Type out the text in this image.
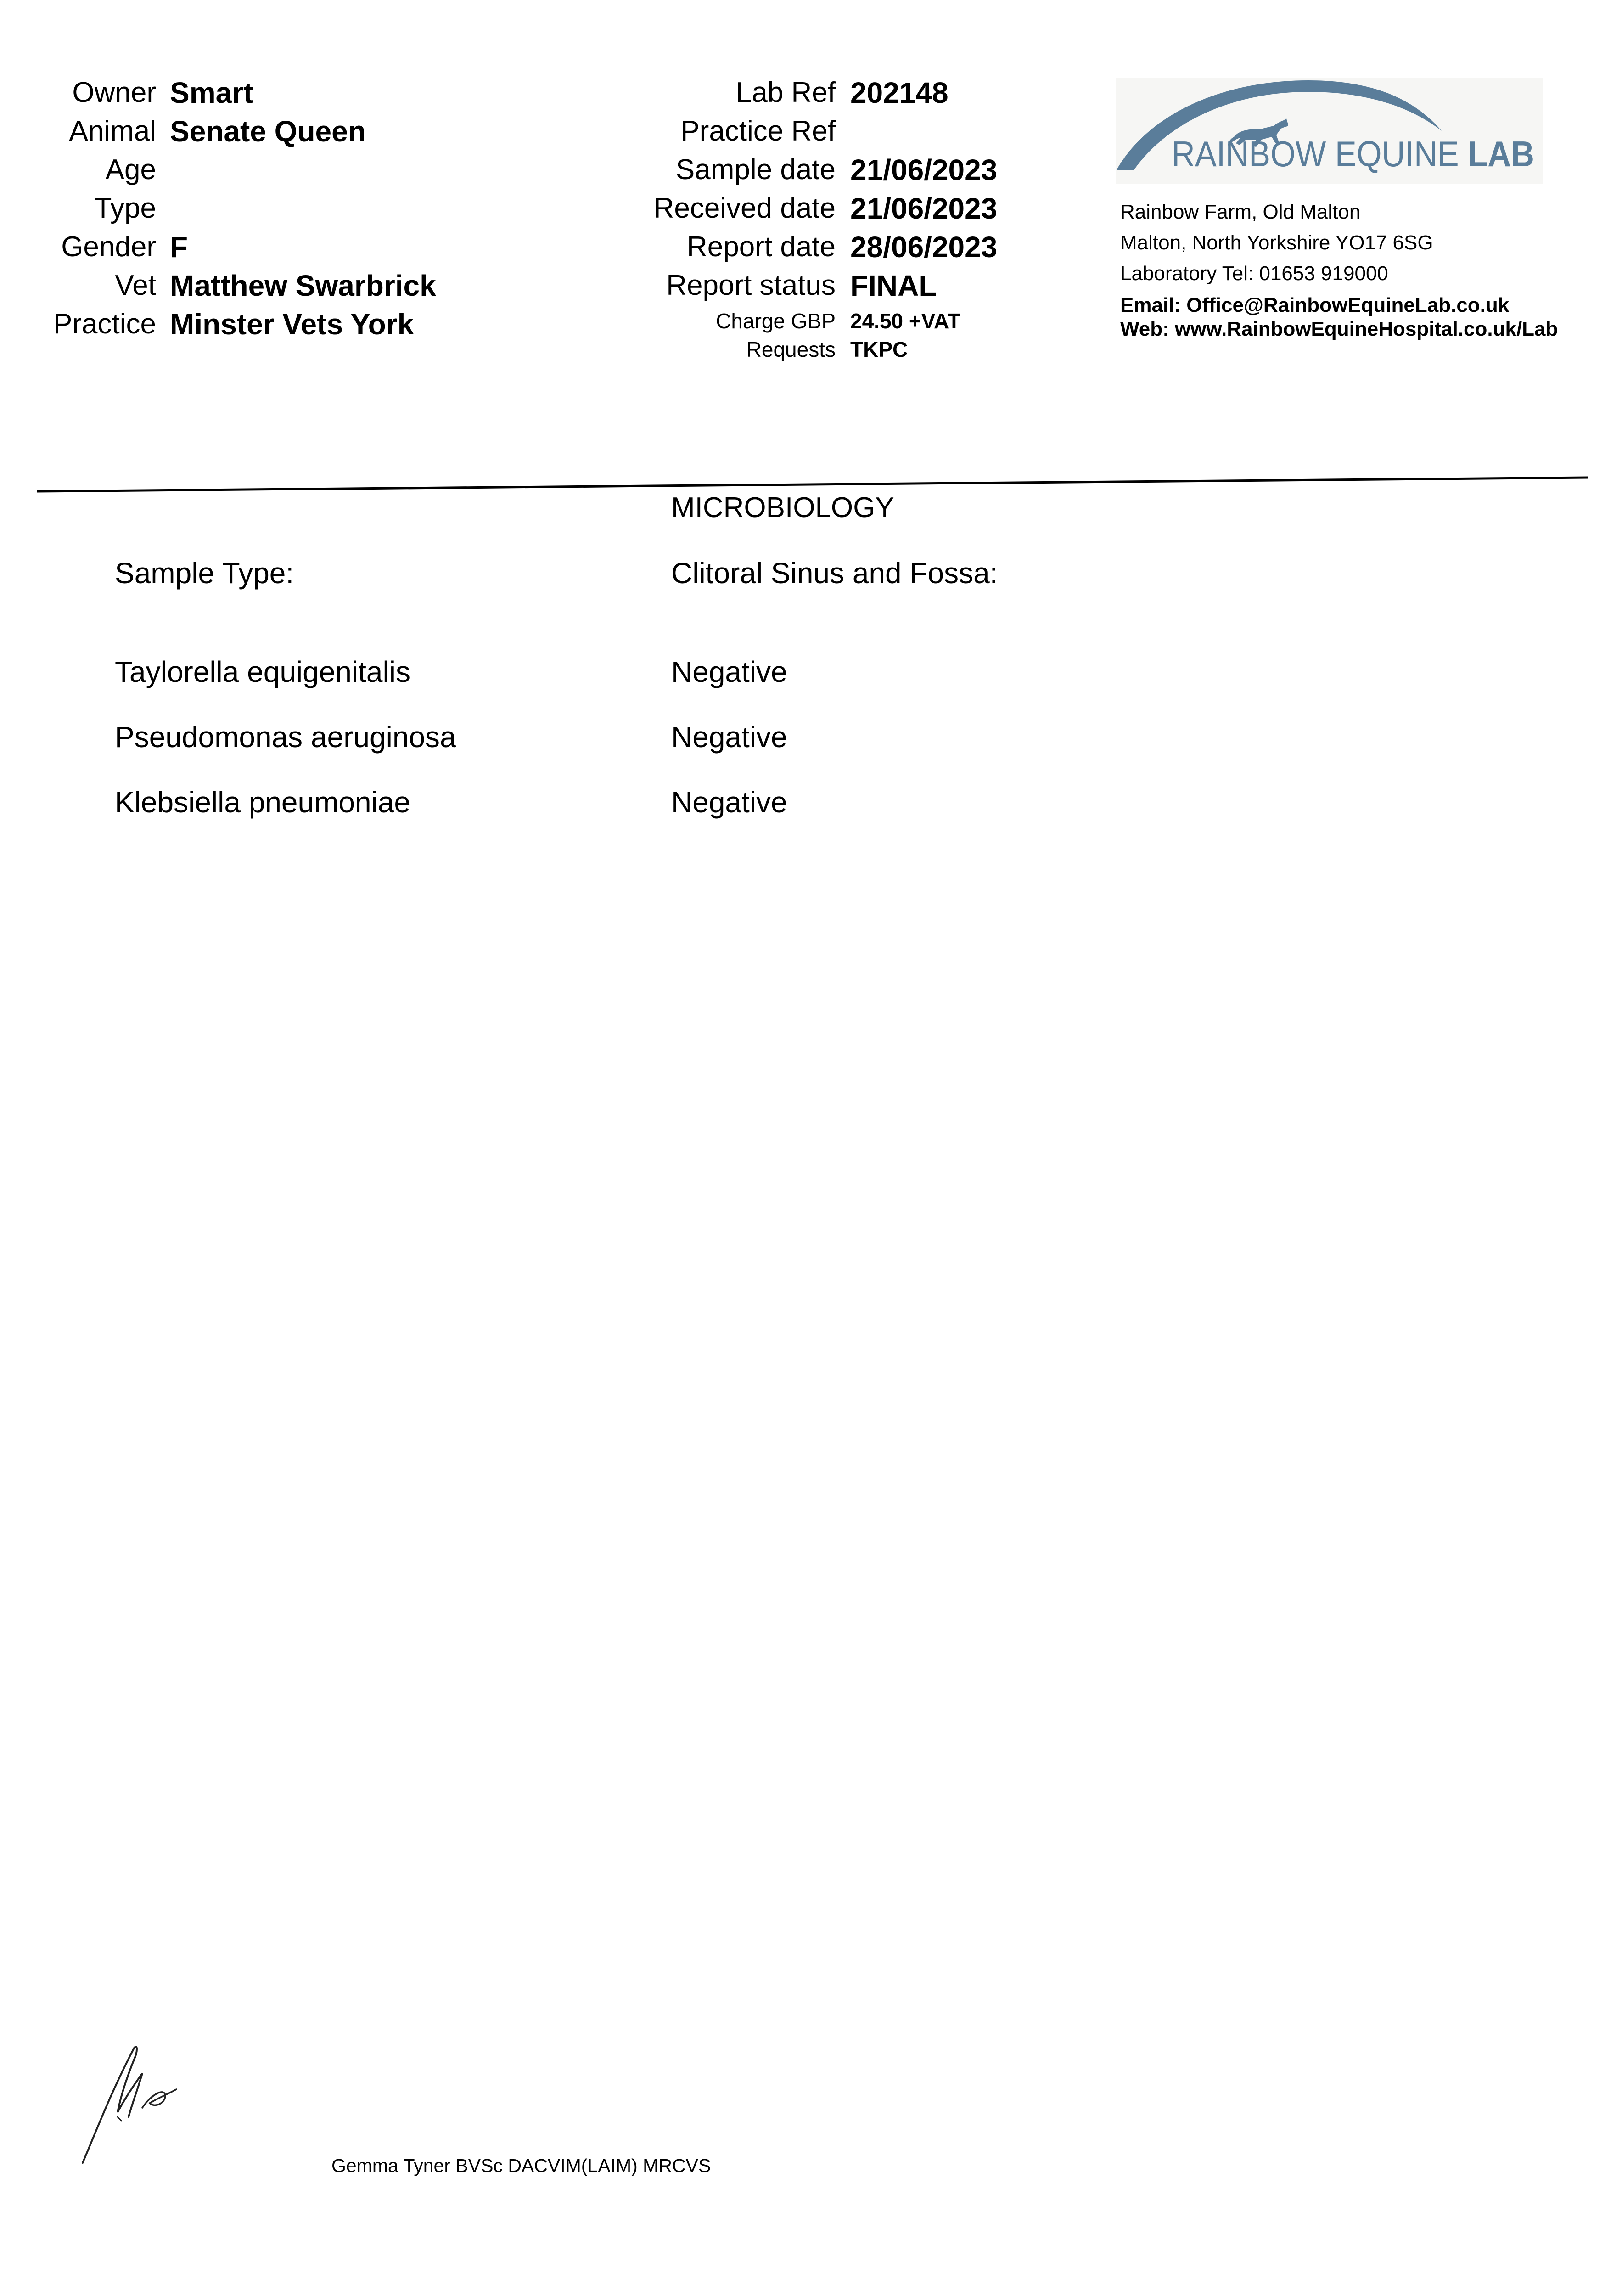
Owner Smart
Animal Senate Queen
Age
Type
Gender F
Vet Matthew Swarbrick
Practice Minster Vets York
Lab Ref 202148
Practice Ref
Sample date 21/06/2023
Received date 21/06/2023
Report date 28/06/2023
Report status FINAL
Charge GBP 24.50 +VAT
Requests TKPC
RAINBOW EQUINE LAB
Rainbow Farm, Old Malton
Malton, North Yorkshire YO17 6SG
Laboratory Tel: 01653 919000
Email: Office@RainbowEquineLab.co.uk
Web: www.RainbowEquineHospital.co.uk/Lab
MICROBIOLOGY
Sample Type:	Clitoral Sinus and Fossa:
Taylorella equigenitalis	Negative
Pseudomonas aeruginosa	Negative
Klebsiella pneumoniae	Negative
Gemma Tyner BVSc DACVIM(LAIM) MRCVS
